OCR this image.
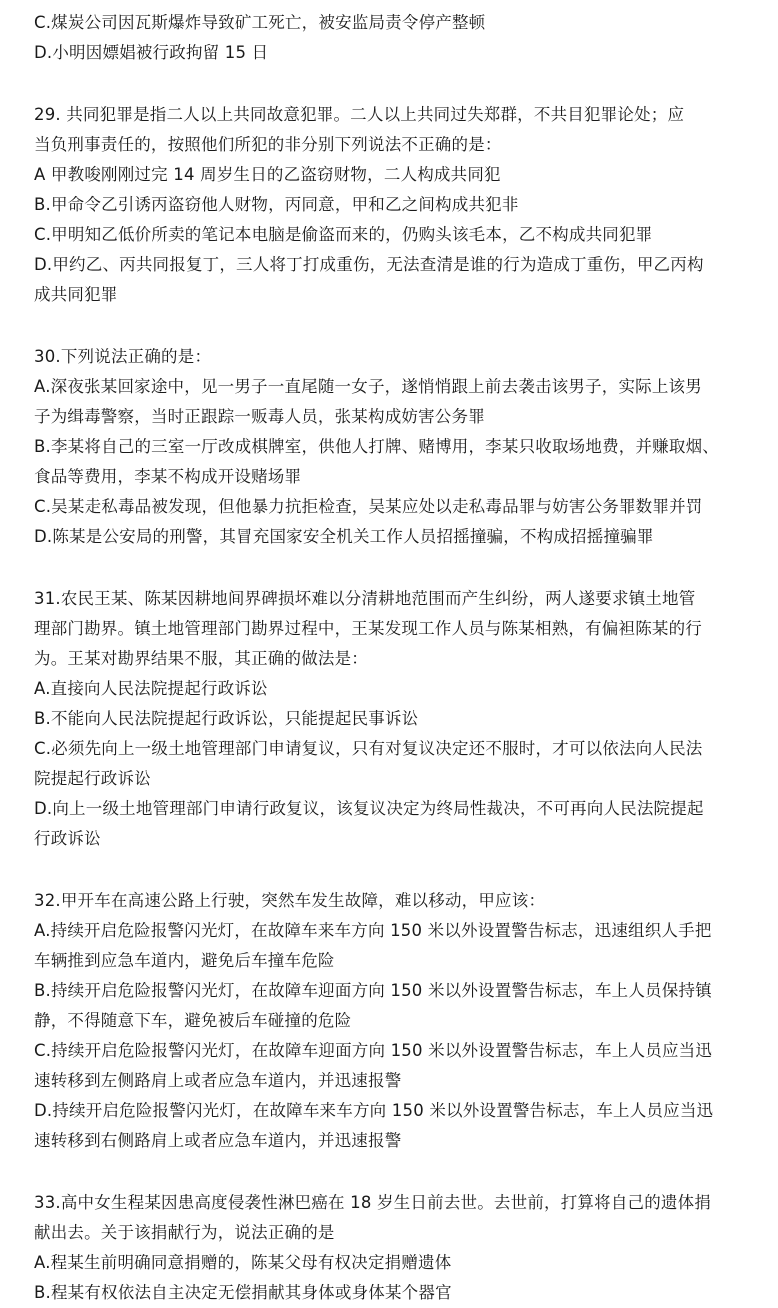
C.煤炭公司因瓦斯爆炸导致矿工死亡，被安监局责令停产整顿
D.小明因嫖娼被行政拘留 15 日
29. 共同犯罪是指二人以上共同故意犯罪。二人以上共同过失郑群，不共目犯罪论处；应
当负刑事责任的，按照他们所犯的非分别下列说法不正确的是：
A 甲教唆刚刚过完 14 周岁生日的乙盗窃财物，二人构成共同犯
B.甲命令乙引诱丙盗窃他人财物，丙同意，甲和乙之间构成共犯非
C.甲明知乙低价所卖的笔记本电脑是偷盗而来的，仍购头该毛本，乙不构成共同犯罪
D.甲约乙、丙共同报复丁，三人将丁打成重伤，无法查清是谁的行为造成丁重伤，甲乙丙构
成共同犯罪
30.下列说法正确的是：
A.深夜张某回家途中，见一男子一直尾随一女子，遂悄悄跟上前去袭击该男子，实际上该男
子为缉毒警察，当时正跟踪一贩毒人员，张某构成妨害公务罪
B.李某将自己的三室一厅改成棋牌室，供他人打牌、赌博用，李某只收取场地费，并赚取烟、
食品等费用，李某不构成开设赌场罪
C.吴某走私毒品被发现，但他暴力抗拒检查，吴某应处以走私毒品罪与妨害公务罪数罪并罚
D.陈某是公安局的刑警，其冒充国家安全机关工作人员招摇撞骗，不构成招摇撞骗罪
31.农民王某、陈某因耕地间界碑损坏难以分清耕地范围而产生纠纷，两人遂要求镇土地管
理部门勘界。镇土地管理部门勘界过程中，王某发现工作人员与陈某相熟，有偏袒陈某的行
为。王某对勘界结果不服，其正确的做法是：
A.直接向人民法院提起行政诉讼
B.不能向人民法院提起行政诉讼，只能提起民事诉讼
C.必须先向上一级土地管理部门申请复议，只有对复议决定还不服时，才可以依法向人民法
院提起行政诉讼
D.向上一级土地管理部门申请行政复议，该复议决定为终局性裁决，不可再向人民法院提起
行政诉讼
32.甲开车在高速公路上行驶，突然车发生故障，难以移动，甲应该：
A.持续开启危险报警闪光灯，在故障车来车方向 150 米以外设置警告标志，迅速组织人手把
车辆推到应急车道内，避免后车撞车危险
B.持续开启危险报警闪光灯，在故障车迎面方向 150 米以外设置警告标志，车上人员保持镇
静，不得随意下车，避免被后车碰撞的危险
C.持续开启危险报警闪光灯，在故障车迎面方向 150 米以外设置警告标志，车上人员应当迅
速转移到左侧路肩上或者应急车道内，并迅速报警
D.持续开启危险报警闪光灯，在故障车来车方向 150 米以外设置警告标志，车上人员应当迅
速转移到右侧路肩上或者应急车道内，并迅速报警
33.高中女生程某因患高度侵袭性淋巴癌在 18 岁生日前去世。去世前，打算将自己的遗体捐
献出去。关于该捐献行为，说法正确的是
A.程某生前明确同意捐赠的，陈某父母有权决定捐赠遗体
B.程某有权依法自主决定无偿捐献其身体或身体某个器官
